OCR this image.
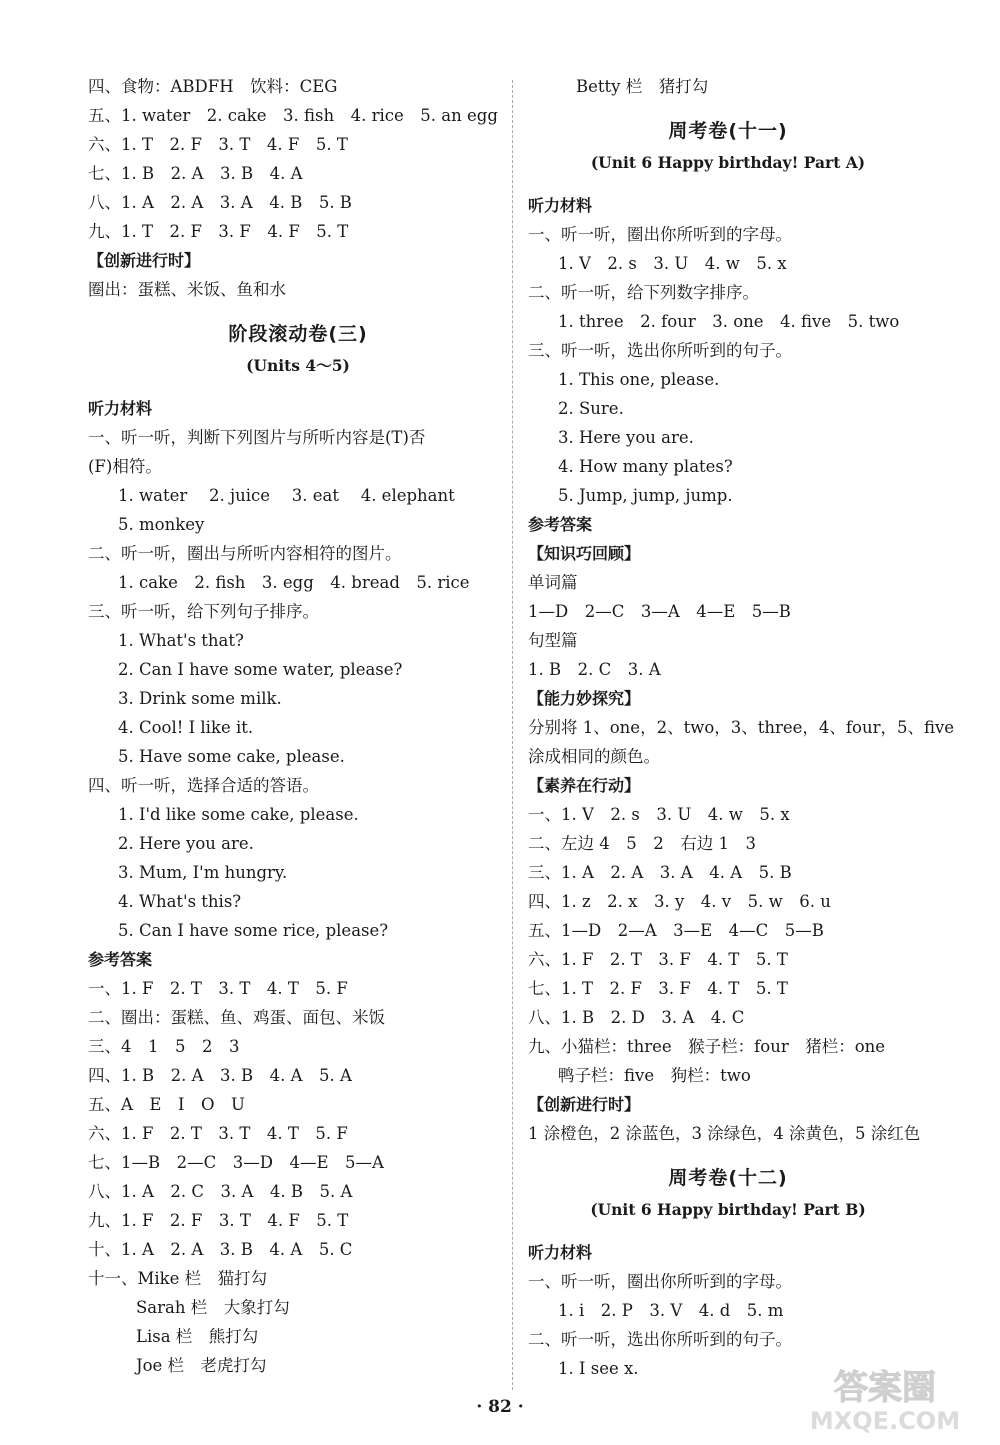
四、食物：ABDFH　饮料：CEG
五、1. water　2. cake　3. fish　4. rice　5. an egg
六、1. T　2. F　3. T　4. F　5. T
七、1. B　2. A　3. B　4. A
八、1. A　2. A　3. A　4. B　5. B
九、1. T　2. F　3. F　4. F　5. T
【创新进行时】
圈出：蛋糕、米饭、鱼和水
阶段滚动卷(三)
(Units 4～5)
听力材料
一、听一听，判断下列图片与所听内容是(T)否
(F)相符。
1. water　 2. juice　 3. eat　 4. elephant
5. monkey
二、听一听，圈出与所听内容相符的图片。
1. cake　2. fish　3. egg　4. bread　5. rice
三、听一听，给下列句子排序。
1. What's that?
2. Can I have some water, please?
3. Drink some milk.
4. Cool! I like it.
5. Have some cake, please.
四、听一听，选择合适的答语。
1. I'd like some cake, please.
2. Here you are.
3. Mum, I'm hungry.
4. What's this?
5. Can I have some rice, please?
参考答案
一、1. F　2. T　3. T　4. T　5. F
二、圈出：蛋糕、鱼、鸡蛋、面包、米饭
三、4　1　5　2　3
四、1. B　2. A　3. B　4. A　5. A
五、A　E　I　O　U
六、1. F　2. T　3. T　4. T　5. F
七、1—B　2—C　3—D　4—E　5—A
八、1. A　2. C　3. A　4. B　5. A
九、1. F　2. F　3. T　4. F　5. T
十、1. A　2. A　3. B　4. A　5. C
十一、Mike 栏　猫打勾
Sarah 栏　大象打勾
Lisa 栏　熊打勾
Joe 栏　老虎打勾
Betty 栏　猪打勾
周考卷(十一)
(Unit 6 Happy birthday! Part A)
听力材料
一、听一听，圈出你所听到的字母。
1. V　2. s　3. U　4. w　5. x
二、听一听，给下列数字排序。
1. three　2. four　3. one　4. five　5. two
三、听一听，选出你所听到的句子。
1. This one, please.
2. Sure.
3. Here you are.
4. How many plates?
5. Jump, jump, jump.
参考答案
【知识巧回顾】
单词篇
1—D　2—C　3—A　4—E　5—B
句型篇
1. B　2. C　3. A
【能力妙探究】
分别将 1、one，2、two，3、three，4、four，5、five
涂成相同的颜色。
【素养在行动】
一、1. V　2. s　3. U　4. w　5. x
二、左边 4　5　2　右边 1　3
三、1. A　2. A　3. A　4. A　5. B
四、1. z　2. x　3. y　4. v　5. w　6. u
五、1—D　2—A　3—E　4—C　5—B
六、1. F　2. T　3. F　4. T　5. T
七、1. T　2. F　3. F　4. T　5. T
八、1. B　2. D　3. A　4. C
九、小猫栏：three　猴子栏：four　猪栏：one
鸭子栏：five　狗栏：two
【创新进行时】
1 涂橙色，2 涂蓝色，3 涂绿色，4 涂黄色，5 涂红色
周考卷(十二)
(Unit 6 Happy birthday! Part B)
听力材料
一、听一听，圈出你所听到的字母。
1. i　2. P　3. V　4. d　5. m
二、听一听，选出你所听到的句子。
1. I see x.
· 82 ·	答案圈
MXQE.COM
